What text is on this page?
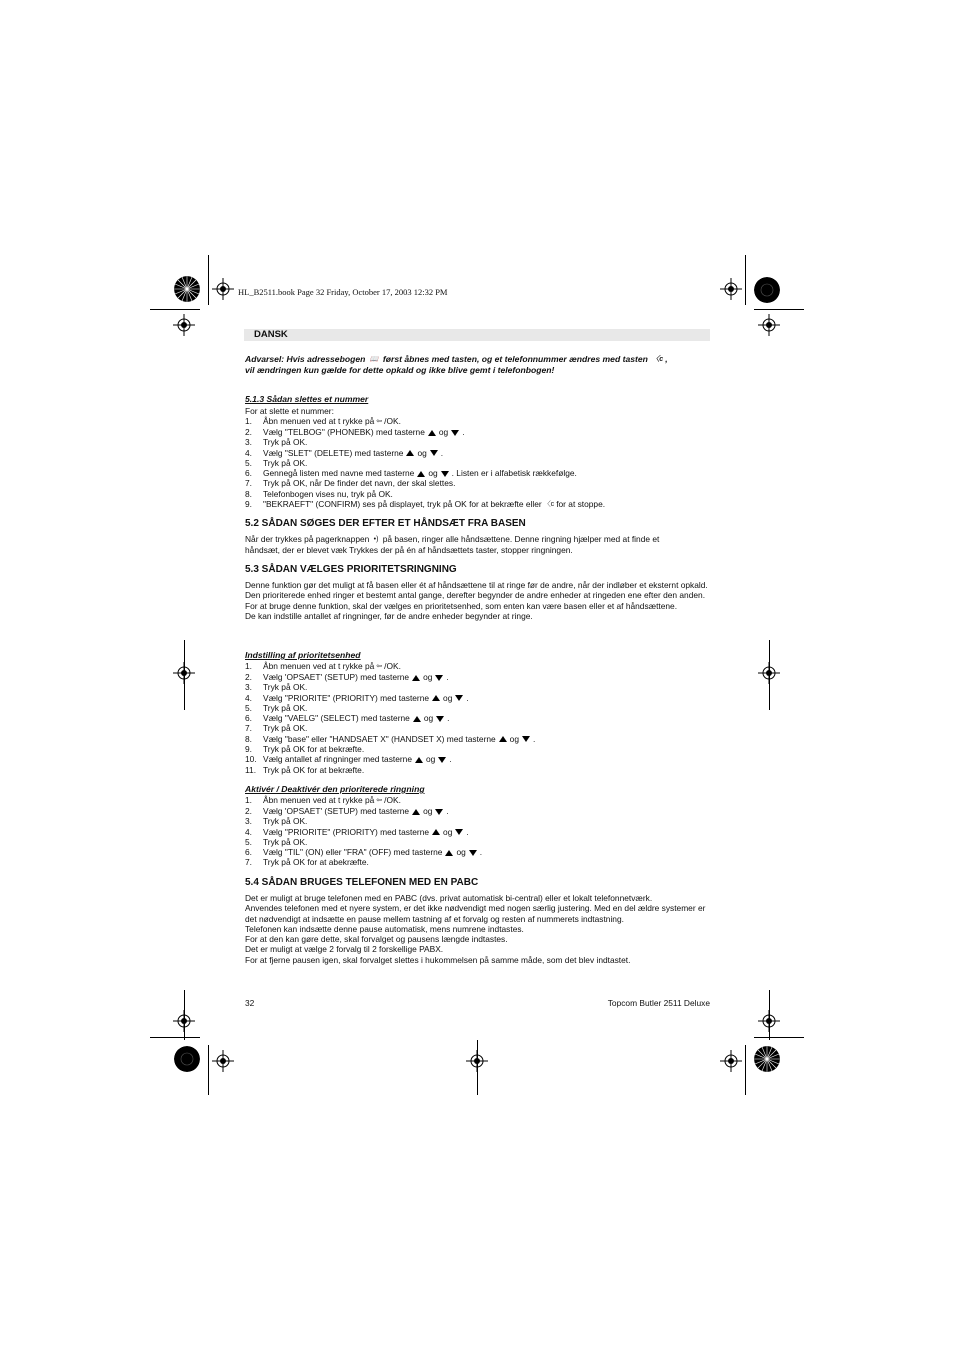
HL_B2511.book Page 32 Friday, October 17, 2003 12:32 PM
DANSK
Advarsel: Hvis adressebogen 📖 først åbnes med tasten, og et telefonnummer ændres med tasten 〈c ,
vil ændringen kun gælde for dette opkald og ikke blive gemt i telefonbogen!
5.1.3 Sådan slettes et nummer
For at slette et nummer:
1. Åbn menuen ved at t rykke på ⇦ /OK.
2. Vælg "TELBOG" (PHONEBK) med tasterne og .
3. Tryk på OK.
4. Vælg "SLET" (DELETE) med tasterne og .
5. Tryk på OK.
6. Gennegå listen med navne med tasterne og . Listen er i alfabetisk rækkefølge.
7. Tryk på OK, når De finder det navn, der skal slettes.
8. Telefonbogen vises nu, tryk på OK.
9. "BEKRAEFT" (CONFIRM) ses på displayet, tryk på OK for at bekræfte eller 〈c for at stoppe.
5.2 SÅDAN SØGES DER EFTER ET HÅNDSÆT FRA BASEN
Når der trykkes på pagerknappen •) på basen, ringer alle håndsættene. Denne ringning hjælper med at finde et
håndsæt, der er blevet væk Trykkes der på én af håndsættets taster, stopper ringningen.
5.3 SÅDAN VÆLGES PRIORITETSRINGNING

Denne funktion gør det muligt at få basen eller ét af håndsættene til at ringe før de andre, når der indløber et eksternt opkald.

Den prioriterede enhed ringer et bestemt antal gange, derefter begynder de andre enheder at ringeden ene efter den anden.

For at bruge denne funktion, skal der vælges en prioritetsenhed, som enten kan være basen eller et af håndsættene.

De kan indstille antallet af ringninger, før de andre enheder begynder at ringe.

Indstilling af prioritetsenhed
1. Åbn menuen ved at t rykke på ⇦ /OK.
2. Vælg 'OPSAET' (SETUP) med tasterne og .
3. Tryk på OK.
4. Vælg "PRIORITE" (PRIORITY) med tasterne og .
5. Tryk på OK.
6. Vælg "VAELG" (SELECT) med tasterne og .
7. Tryk på OK.
8. Vælg "base" eller "HANDSAET X" (HANDSET X) med tasterne og .
9. Tryk på OK for at bekræfte.
10. Vælg antallet af ringninger med tasterne og .
11. Tryk på OK for at bekræfte.
Aktivér / Deaktivér den prioriterede ringning
1. Åbn menuen ved at t rykke på ⇦ /OK.
2. Vælg 'OPSAET' (SETUP) med tasterne og .
3. Tryk på OK.
4. Vælg "PRIORITE" (PRIORITY) med tasterne og .
5. Tryk på OK.
6. Vælg "TIL" (ON) eller "FRA" (OFF) med tasterne og .
7. Tryk på OK for at abekræfte.
5.4 SÅDAN BRUGES TELEFONEN MED EN PABC

Det er muligt at bruge telefonen med en PABC (dvs. privat automatisk bi-central) eller et lokalt telefonnetværk.

Anvendes telefonen med et nyere system, er det ikke nødvendigt med nogen særlig justering. Med en del ældre systemer er det nødvendigt at indsætte en pause mellem tastning af et forvalg og resten af nummerets indtastning.

Telefonen kan indsætte denne pause automatisk, mens numrene indtastes.

For at den kan gøre dette, skal forvalget og pausens længde indtastes.

Det er muligt at vælge 2 forvalg til 2 forskellige PABX.

For at fjerne pausen igen, skal forvalget slettes i hukommelsen på samme måde, som det blev indtastet.

32	Topcom Butler 2511 Deluxe
